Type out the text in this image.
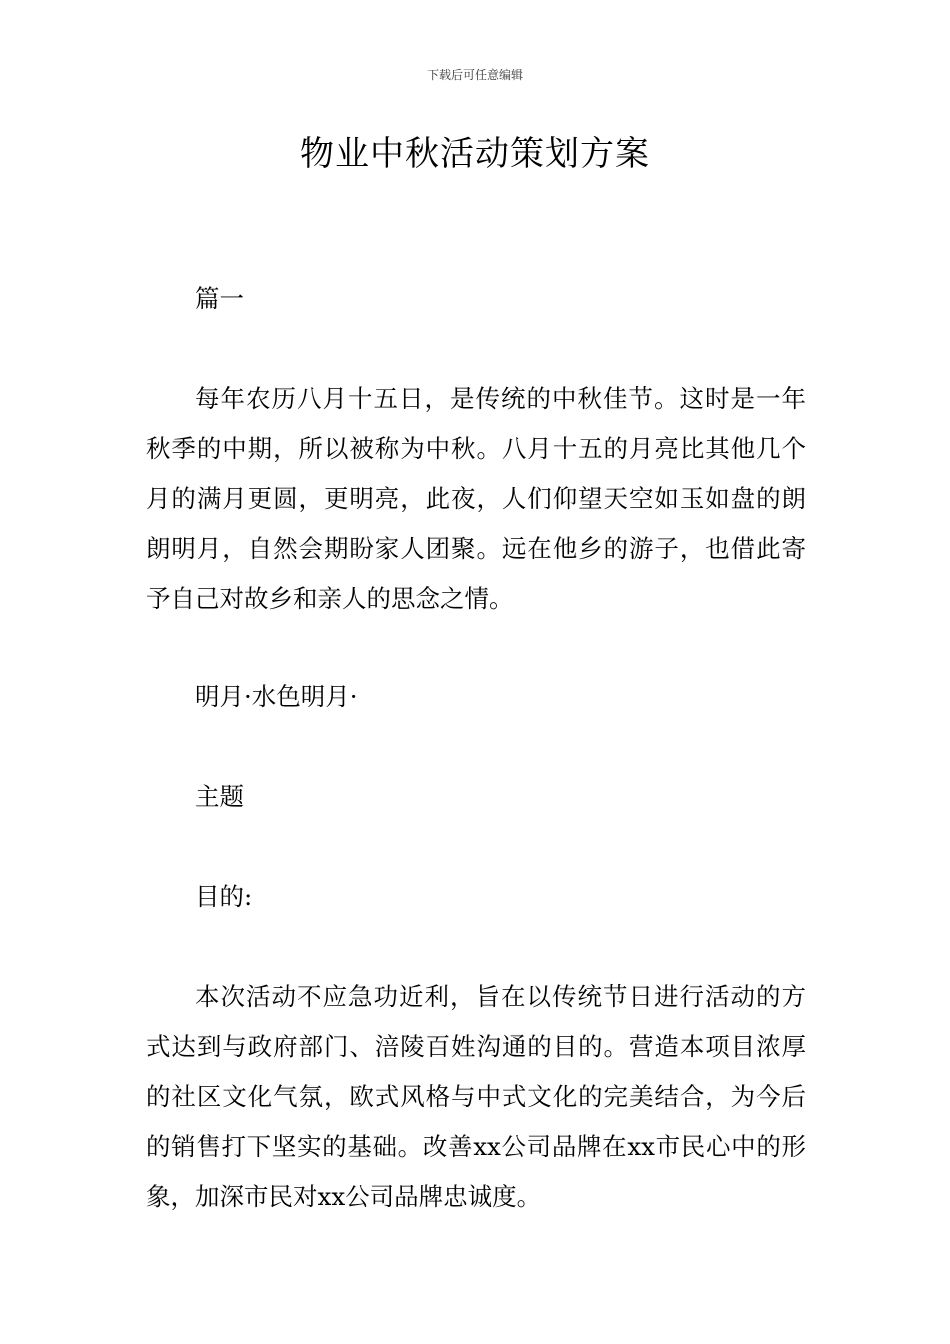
下载后可任意编辑
物业中秋活动策划方案

篇一

每年农历八月十五日，是传统的中秋佳节。这时是一年秋季的中期，所以被称为中秋。八月十五的月亮比其他几个月的满月更圆，更明亮，此夜，人们仰望天空如玉如盘的朗朗明月，自然会期盼家人团聚。远在他乡的游子，也借此寄予自己对故乡和亲人的思念之情。

明月·水色明月·

主题

目的:

本次活动不应急功近利，旨在以传统节日进行活动的方式达到与政府部门、涪陵百姓沟通的目的。营造本项目浓厚的社区文化气氛，欧式风格与中式文化的完美结合，为今后的销售打下坚实的基础。改善xx公司品牌在xx市民心中的形象，加深市民对xx公司品牌忠诚度。
